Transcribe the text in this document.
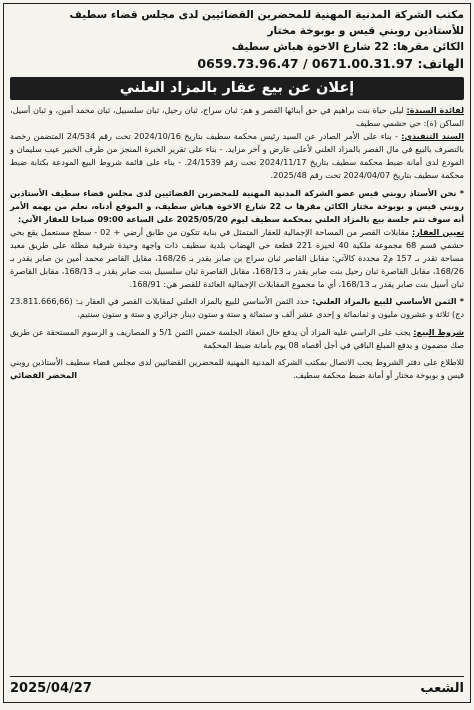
مكتب الشركة المدنية المهنية للمحضرين القضائيين لدى مجلس قضاء سطيف
للأستاذين روبني قيس و بوبوخة مختار
الكائن مقرها: 22 شارع الاخوة هباش سطيف
الهاتف: 0659.73.96.47 / 0671.00.31.97
إعلان عن بيع عقار بالمزاد العلني

لفائدة السيدة: ليلى حياة بنت براهيم في حق أبنائها القصر و هم: ثبان سراج، ثبان رحيل، ثبان سلسبيل، ثبان محمد أمين، و ثبان أسيل، الساكن (ة): حي حشمي سطيف

السند التنفيذي: - بناء على الأمر الصادر عن السيد رئيس محكمة سطيف بتاريخ 2024/10/16 تحت رقم 24/534 المتضمن رخصة بالتصرف بالبيع في مال القصر بالمزاد العلني لأعلى عارض و آخر مزايد. - بناء على تقرير الخبرة المنجز من طرف الخبير عيب سليمان و المودع لدى أمانة ضبط محكمة سطيف بتاريخ 2024/11/17 تحت رقم 24/1539. - بناء على قائمة شروط البيع المودعة بكتابة ضبط محكمة سطيف بتاريخ 2024/04/07 تحت رقم 2025/48.

* نحن الأستاذ روبني قيس عضو الشركة المدنية المهنية للمحضرين القضائيين لدى مجلس قضاء سطيف الأستاذين روبني قيس و بوبوخة مختار الكائن مقرها ب 22 شارع الاخوة هباش سطيف، و الموقع أدناه، نعلم من يهمه الأمر أنه سوف تتم جلسة بيع بالمزاد العلني بمحكمة سطيف ليوم 2025/05/20 على الساعة 09:00 صباحا للعقار الآتي:

تعيين العقار: مقابلات القصر من المساحة الإجمالية للعقار المتمثل في بناية تتكون من طابق أرضي + 02 - سطح مستعمل يقع بحي حشمي قسم 68 مجموعة ملكية 40 لحيزة 221 قطعة حي الهضاب بلدية سطيف ذات واجهة وحيدة شرقية مطلة على طريق معبد مساحة تقدر بـ 157 م2 محددة كالآتي: مقابل القاصر ثبان سراج بن صابر يقدر بـ 168/26، مقابل القاصر محمد أمين بن صابر يقدر بـ 168/26، مقابل القاصرة ثبان رحيل بنت صابر يقدر بـ 168/13، مقابل القاصرة ثبان سلسبيل بنت صابر يقدر بـ 168/13، مقابل القاصرة ثبان أسيل بنت صابر يقدر بـ 168/13، أي ما مجموع المقابلات الإجمالية العائدة للقصر هي: 168/91.

* الثمن الأساسي للبيع بالمزاد العلني: حدد الثمن الأساسي للبيع بالمزاد العلني لمقابلات القصر في العقار بـ: (23.811.666,66 دج) ثلاثة و عشرون مليون و ثمانمائة و إحدى عشر ألف و ستمائة و ستة و ستون دينار جزائري و ستة و ستون سنتيم.

شروط البيع: يجب على الراسي عليه المزاد أن يدفع حال انعقاد الجلسة خمس الثمن 5/1 و المصاريف و الرسوم المستحقة عن طريق صك مضمون و يدفع المبلغ الباقي في أجل أقصاه 08 يوم بأمانة ضبط المحكمة

للاطلاع على دفتر الشروط يجب الاتصال بمكتب الشركة المدنية المهنية للمحضرين القضائيين لدى مجلس قضاء سطيف الأستاذين روبني قيس و بوبوخة مختار أو أمانة ضبط محكمة سطيف.
المحضر القضائي

الشعب
2025/04/27
